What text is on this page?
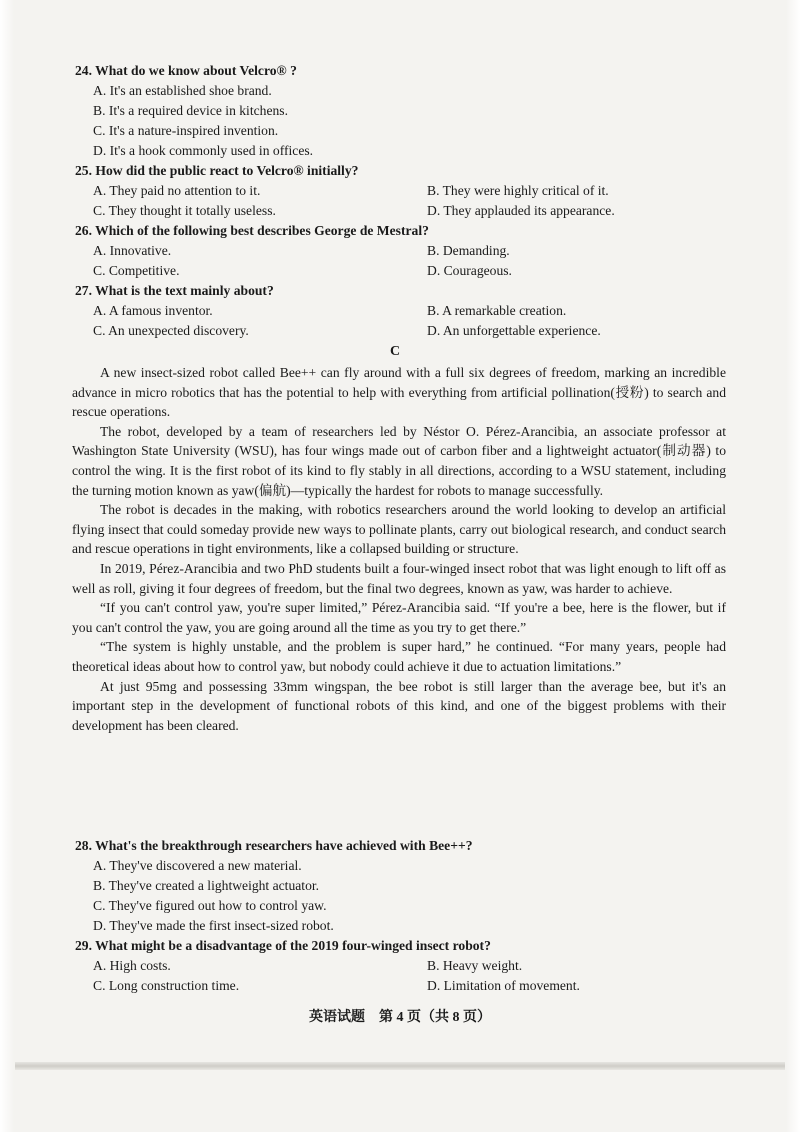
24. What do we know about Velcro® ?
A. It's an established shoe brand.
B. It's a required device in kitchens.
C. It's a nature-inspired invention.
D. It's a hook commonly used in offices.
25. How did the public react to Velcro® initially?
A. They paid no attention to it.	B. They were highly critical of it.
C. They thought it totally useless.	D. They applauded its appearance.
26. Which of the following best describes George de Mestral?
A. Innovative.	B. Demanding.
C. Competitive.	D. Courageous.
27. What is the text mainly about?
A. A famous inventor.	B. A remarkable creation.
C. An unexpected discovery.	D. An unforgettable experience.
C

A new insect-sized robot called Bee++ can fly around with a full six degrees of freedom, marking an incredible advance in micro robotics that has the potential to help with everything from artificial pollination(授粉) to search and rescue operations.

The robot, developed by a team of researchers led by Néstor O. Pérez-Arancibia, an associate professor at Washington State University (WSU), has four wings made out of carbon fiber and a lightweight actuator(制动器) to control the wing. It is the first robot of its kind to fly stably in all directions, according to a WSU statement, including the turning motion known as yaw(偏航)—typically the hardest for robots to manage successfully.

The robot is decades in the making, with robotics researchers around the world looking to develop an artificial flying insect that could someday provide new ways to pollinate plants, carry out biological research, and conduct search and rescue operations in tight environments, like a collapsed building or structure.

In 2019, Pérez-Arancibia and two PhD students built a four-winged insect robot that was light enough to lift off as well as roll, giving it four degrees of freedom, but the final two degrees, known as yaw, was harder to achieve.

“If you can't control yaw, you're super limited,” Pérez-Arancibia said. “If you're a bee, here is the flower, but if you can't control the yaw, you are going around all the time as you try to get there.”

“The system is highly unstable, and the problem is super hard,” he continued. “For many years, people had theoretical ideas about how to control yaw, but nobody could achieve it due to actuation limitations.”

At just 95mg and possessing 33mm wingspan, the bee robot is still larger than the average bee, but it's an important step in the development of functional robots of this kind, and one of the biggest problems with their development has been cleared.

28. What's the breakthrough researchers have achieved with Bee++?
A. They've discovered a new material.
B. They've created a lightweight actuator.
C. They've figured out how to control yaw.
D. They've made the first insect-sized robot.
29. What might be a disadvantage of the 2019 four-winged insect robot?
A. High costs.	B. Heavy weight.
C. Long construction time.	D. Limitation of movement.
英语试题　第 4 页（共 8 页）
